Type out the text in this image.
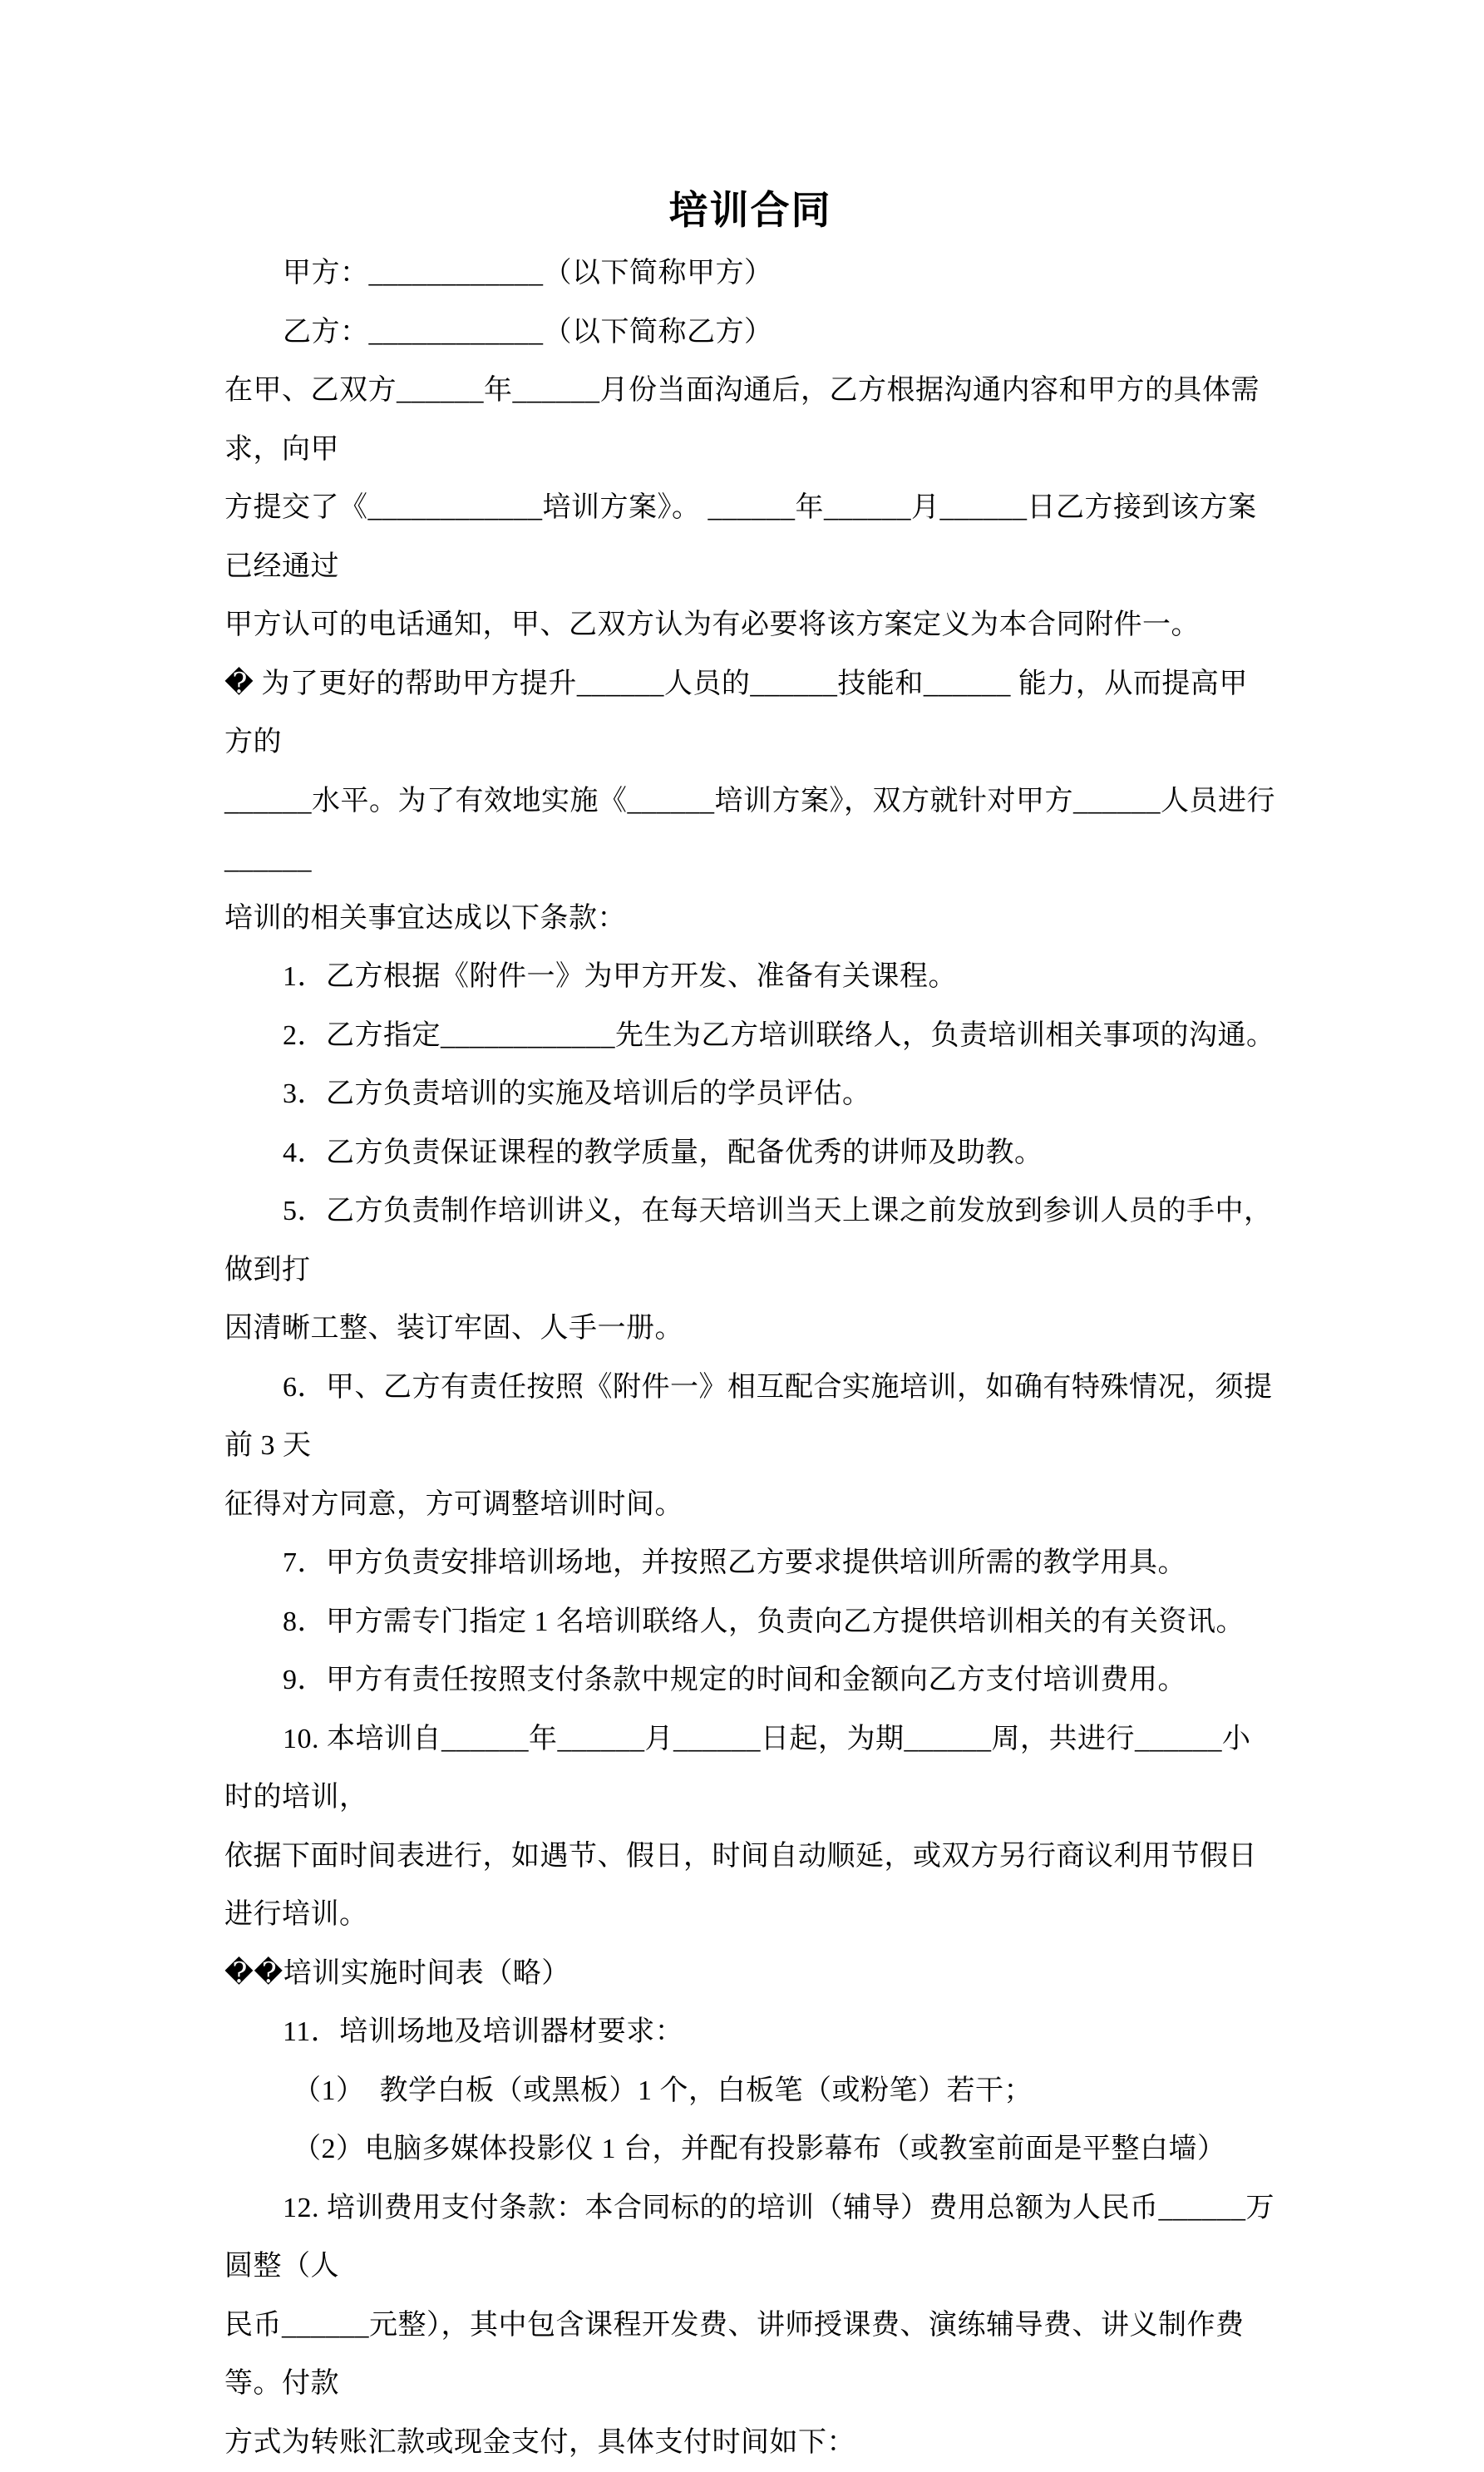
培训合同

甲方：____________（以下简称甲方）

乙方：____________（以下简称乙方）

在甲、乙双方______年______月份当面沟通后，乙方根据沟通内容和甲方的具体需求，向甲

方提交了《____________培训方案》。 ______年______月______日乙方接到该方案已经通过

甲方认可的电话通知，甲、乙双方认为有必要将该方案定义为本合同附件一。

� 为了更好的帮助甲方提升______人员的______技能和______ 能力，从而提高甲方的

______水平。为了有效地实施《______培训方案》，双方就针对甲方______人员进行______

培训的相关事宜达成以下条款：

1．乙方根据《附件一》为甲方开发、准备有关课程。

2．乙方指定____________先生为乙方培训联络人，负责培训相关事项的沟通。

3．乙方负责培训的实施及培训后的学员评估。

4．乙方负责保证课程的教学质量，配备优秀的讲师及助教。

5．乙方负责制作培训讲义，在每天培训当天上课之前发放到参训人员的手中，做到打

因清晰工整、装订牢固、人手一册。

6．甲、乙方有责任按照《附件一》相互配合实施培训，如确有特殊情况，须提前 3 天

征得对方同意，方可调整培训时间。

7．甲方负责安排培训场地，并按照乙方要求提供培训所需的教学用具。

8．甲方需专门指定 1 名培训联络人，负责向乙方提供培训相关的有关资讯。

9．甲方有责任按照支付条款中规定的时间和金额向乙方支付培训费用。

10. 本培训自______年______月______日起，为期______周，共进行______小时的培训，

依据下面时间表进行，如遇节、假日，时间自动顺延，或双方另行商议利用节假日进行培训。

��培训实施时间表（略）

11．培训场地及培训器材要求：

（1）  教学白板（或黑板）1 个，白板笔（或粉笔）若干；

（2）电脑多媒体投影仪 1 台，并配有投影幕布（或教室前面是平整白墙）

12. 培训费用支付条款：本合同标的的培训（辅导）费用总额为人民币______万圆整（人

民币______元整），其中包含课程开发费、讲师授课费、演练辅导费、讲义制作费等。付款

方式为转账汇款或现金支付，具体支付时间如下：
